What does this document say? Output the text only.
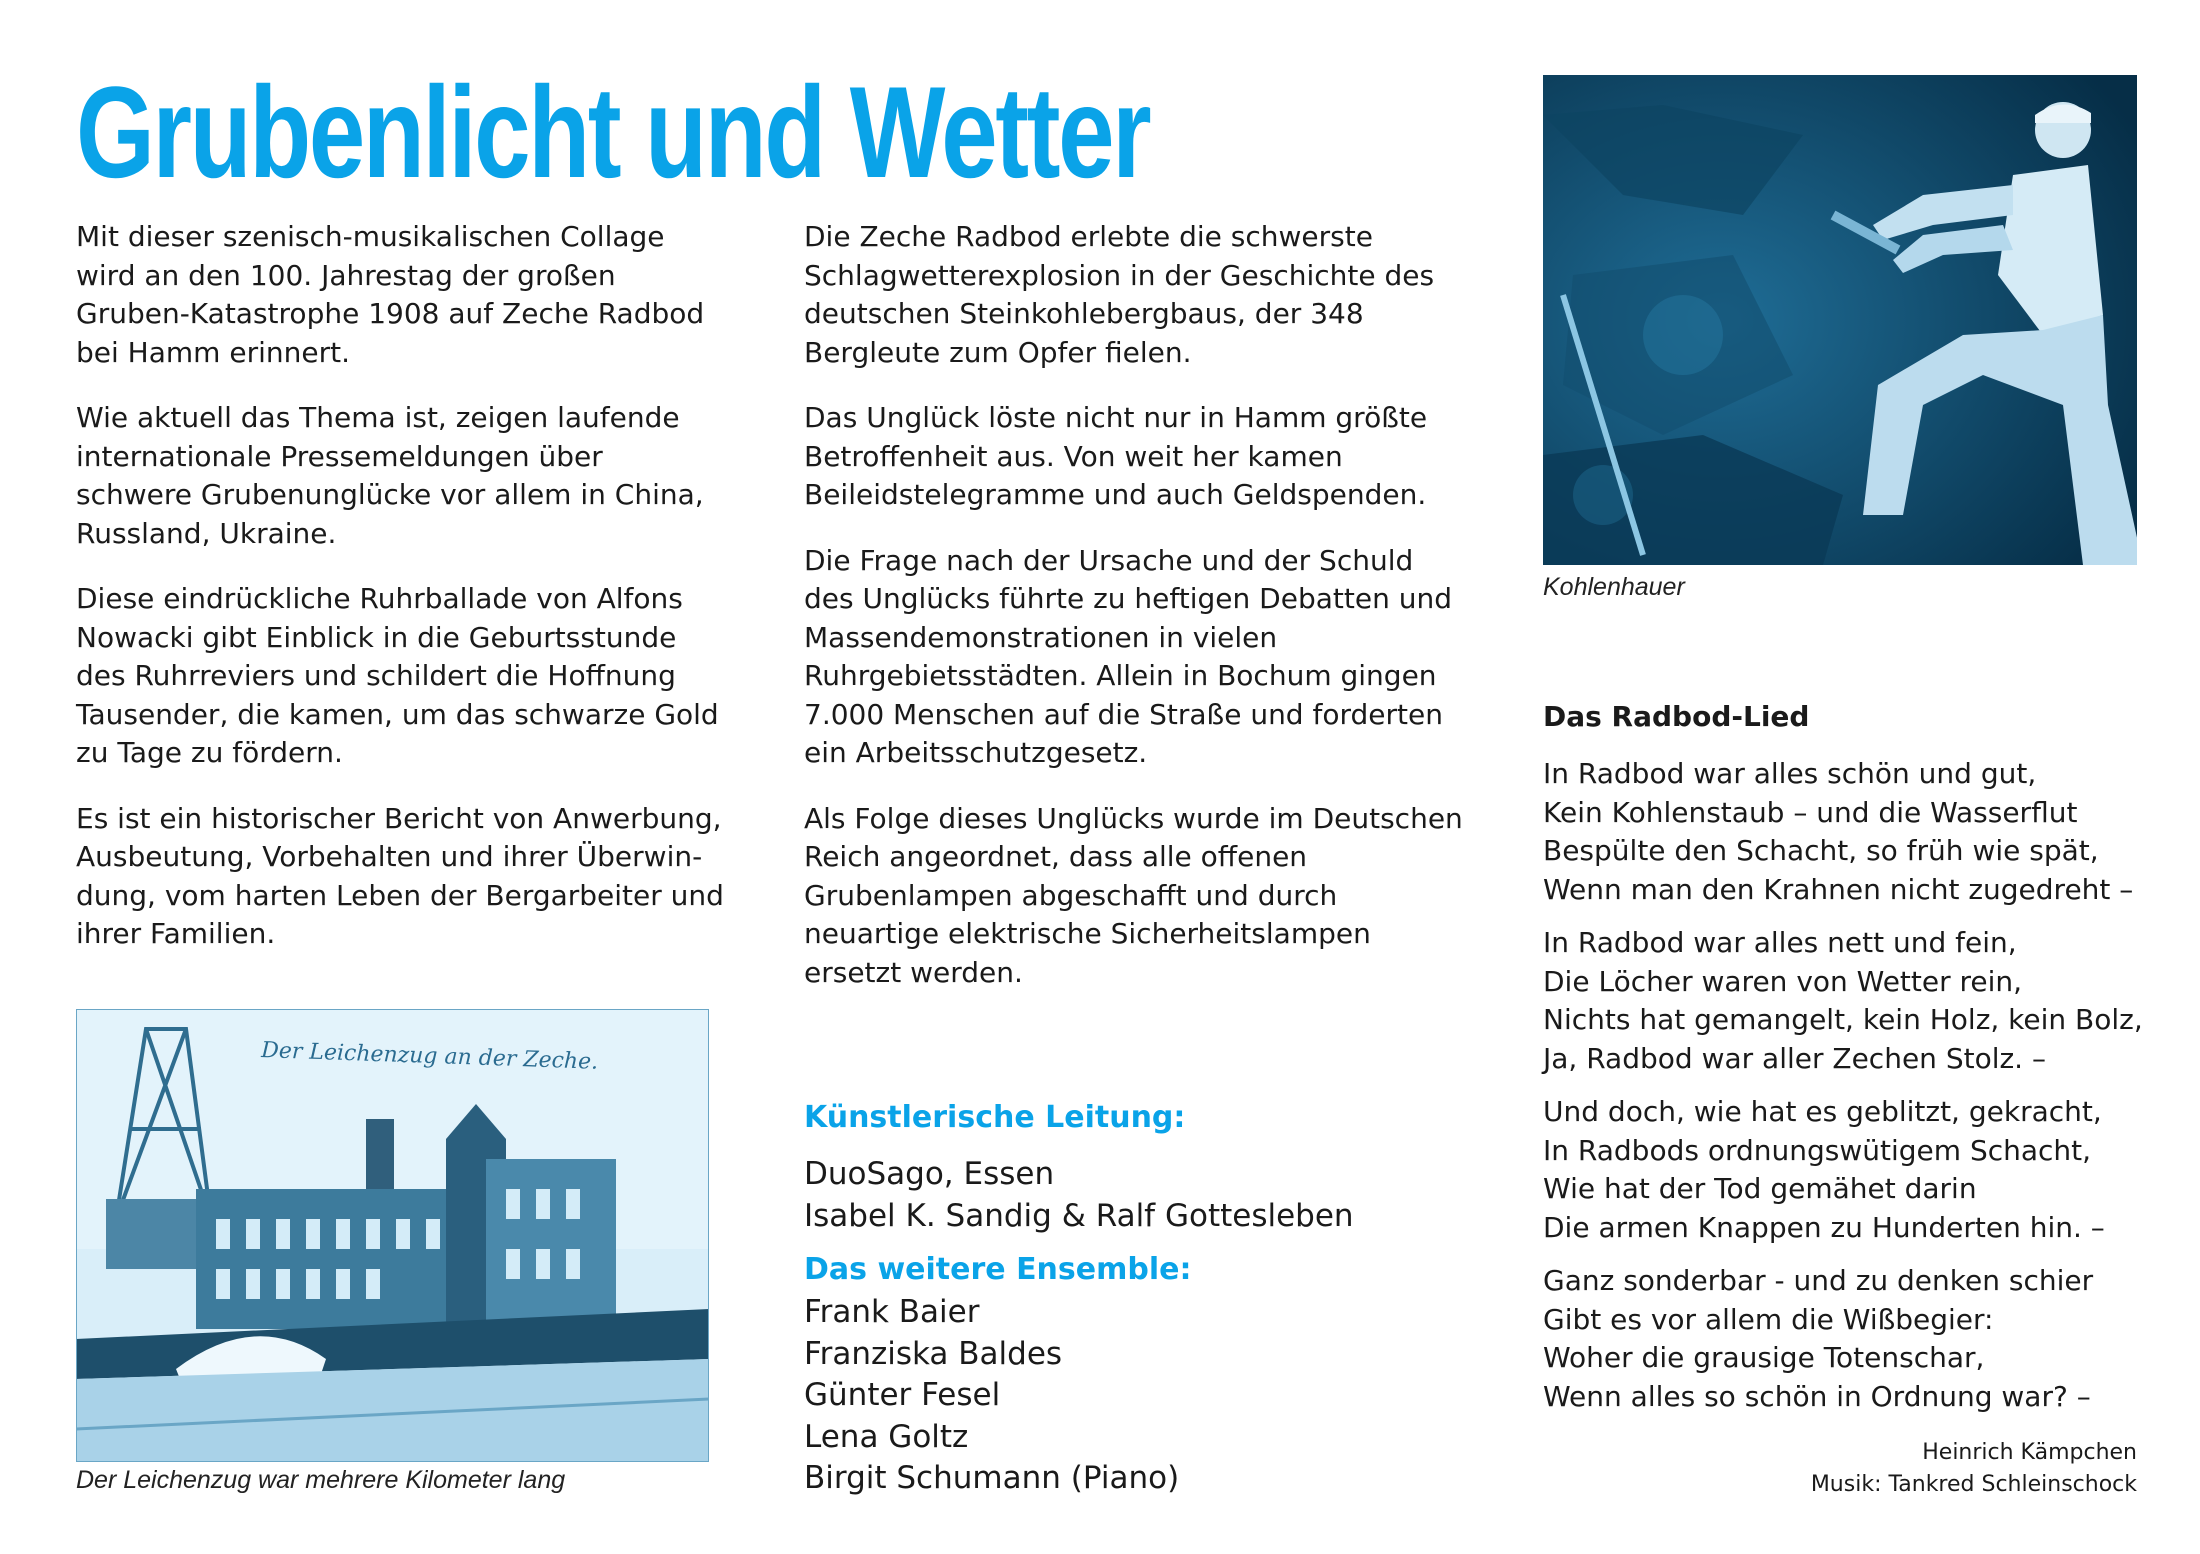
Grubenlicht und Wetter

Mit dieser szenisch-musikalischen Collage wird an den 100. Jahrestag der großen Gruben-Katastrophe 1908 auf Zeche Radbod bei Hamm erinnert.

Wie aktuell das Thema ist, zeigen laufende internationale Pressemeldungen über schwere Grubenunglücke vor allem in China, Russland, Ukraine.

Diese eindrückliche Ruhrballade von Alfons Nowacki gibt Einblick in die Geburtsstunde des Ruhrreviers und schildert die Hoffnung Tausender, die kamen, um das schwarze Gold zu Tage zu fördern.

Es ist ein historischer Bericht von Anwerbung, Ausbeutung, Vorbehalten und ihrer Überwin-dung, vom harten Leben der Bergarbeiter und ihrer Familien.

Die Zeche Radbod erlebte die schwerste Schlagwetterexplosion in der Geschichte des deutschen Steinkohlebergbaus, der 348 Bergleute zum Opfer fielen.

Das Unglück löste nicht nur in Hamm größte Betroffenheit aus. Von weit her kamen Beileidstelegramme und auch Geldspenden.

Die Frage nach der Ursache und der Schuld des Unglücks führte zu heftigen Debatten und Massendemonstrationen in vielen Ruhrgebietsstädten. Allein in Bochum gingen 7.000 Menschen auf die Straße und forderten ein Arbeitsschutzgesetz.

Als Folge dieses Unglücks wurde im Deutschen Reich angeordnet, dass alle offenen Grubenlampen abgeschafft und durch neuartige elektrische Sicherheitslampen ersetzt werden.

Kohlenhauer
Der Leichenzug an der Zeche.
Der Leichenzug war mehrere Kilometer lang
Künstlerische Leitung:
DuoSago, Essen
Isabel K. Sandig & Ralf Gottesleben
Das weitere Ensemble:
Frank Baier
Franziska Baldes
Günter Fesel
Lena Goltz
Birgit Schumann (Piano)
Das Radbod-Lied
In Radbod war alles schön und gut,
Kein Kohlenstaub – und die Wasserflut
Bespülte den Schacht, so früh wie spät,
Wenn man den Krahnen nicht zugedreht –
In Radbod war alles nett und fein,
Die Löcher waren von Wetter rein,
Nichts hat gemangelt, kein Holz, kein Bolz,
Ja, Radbod war aller Zechen Stolz. –
Und doch, wie hat es geblitzt, gekracht,
In Radbods ordnungswütigem Schacht,
Wie hat der Tod gemähet darin
Die armen Knappen zu Hunderten hin. –
Ganz sonderbar - und zu denken schier
Gibt es vor allem die Wißbegier:
Woher die grausige Totenschar,
Wenn alles so schön in Ordnung war? –
Heinrich Kämpchen
Musik: Tankred Schleinschock
